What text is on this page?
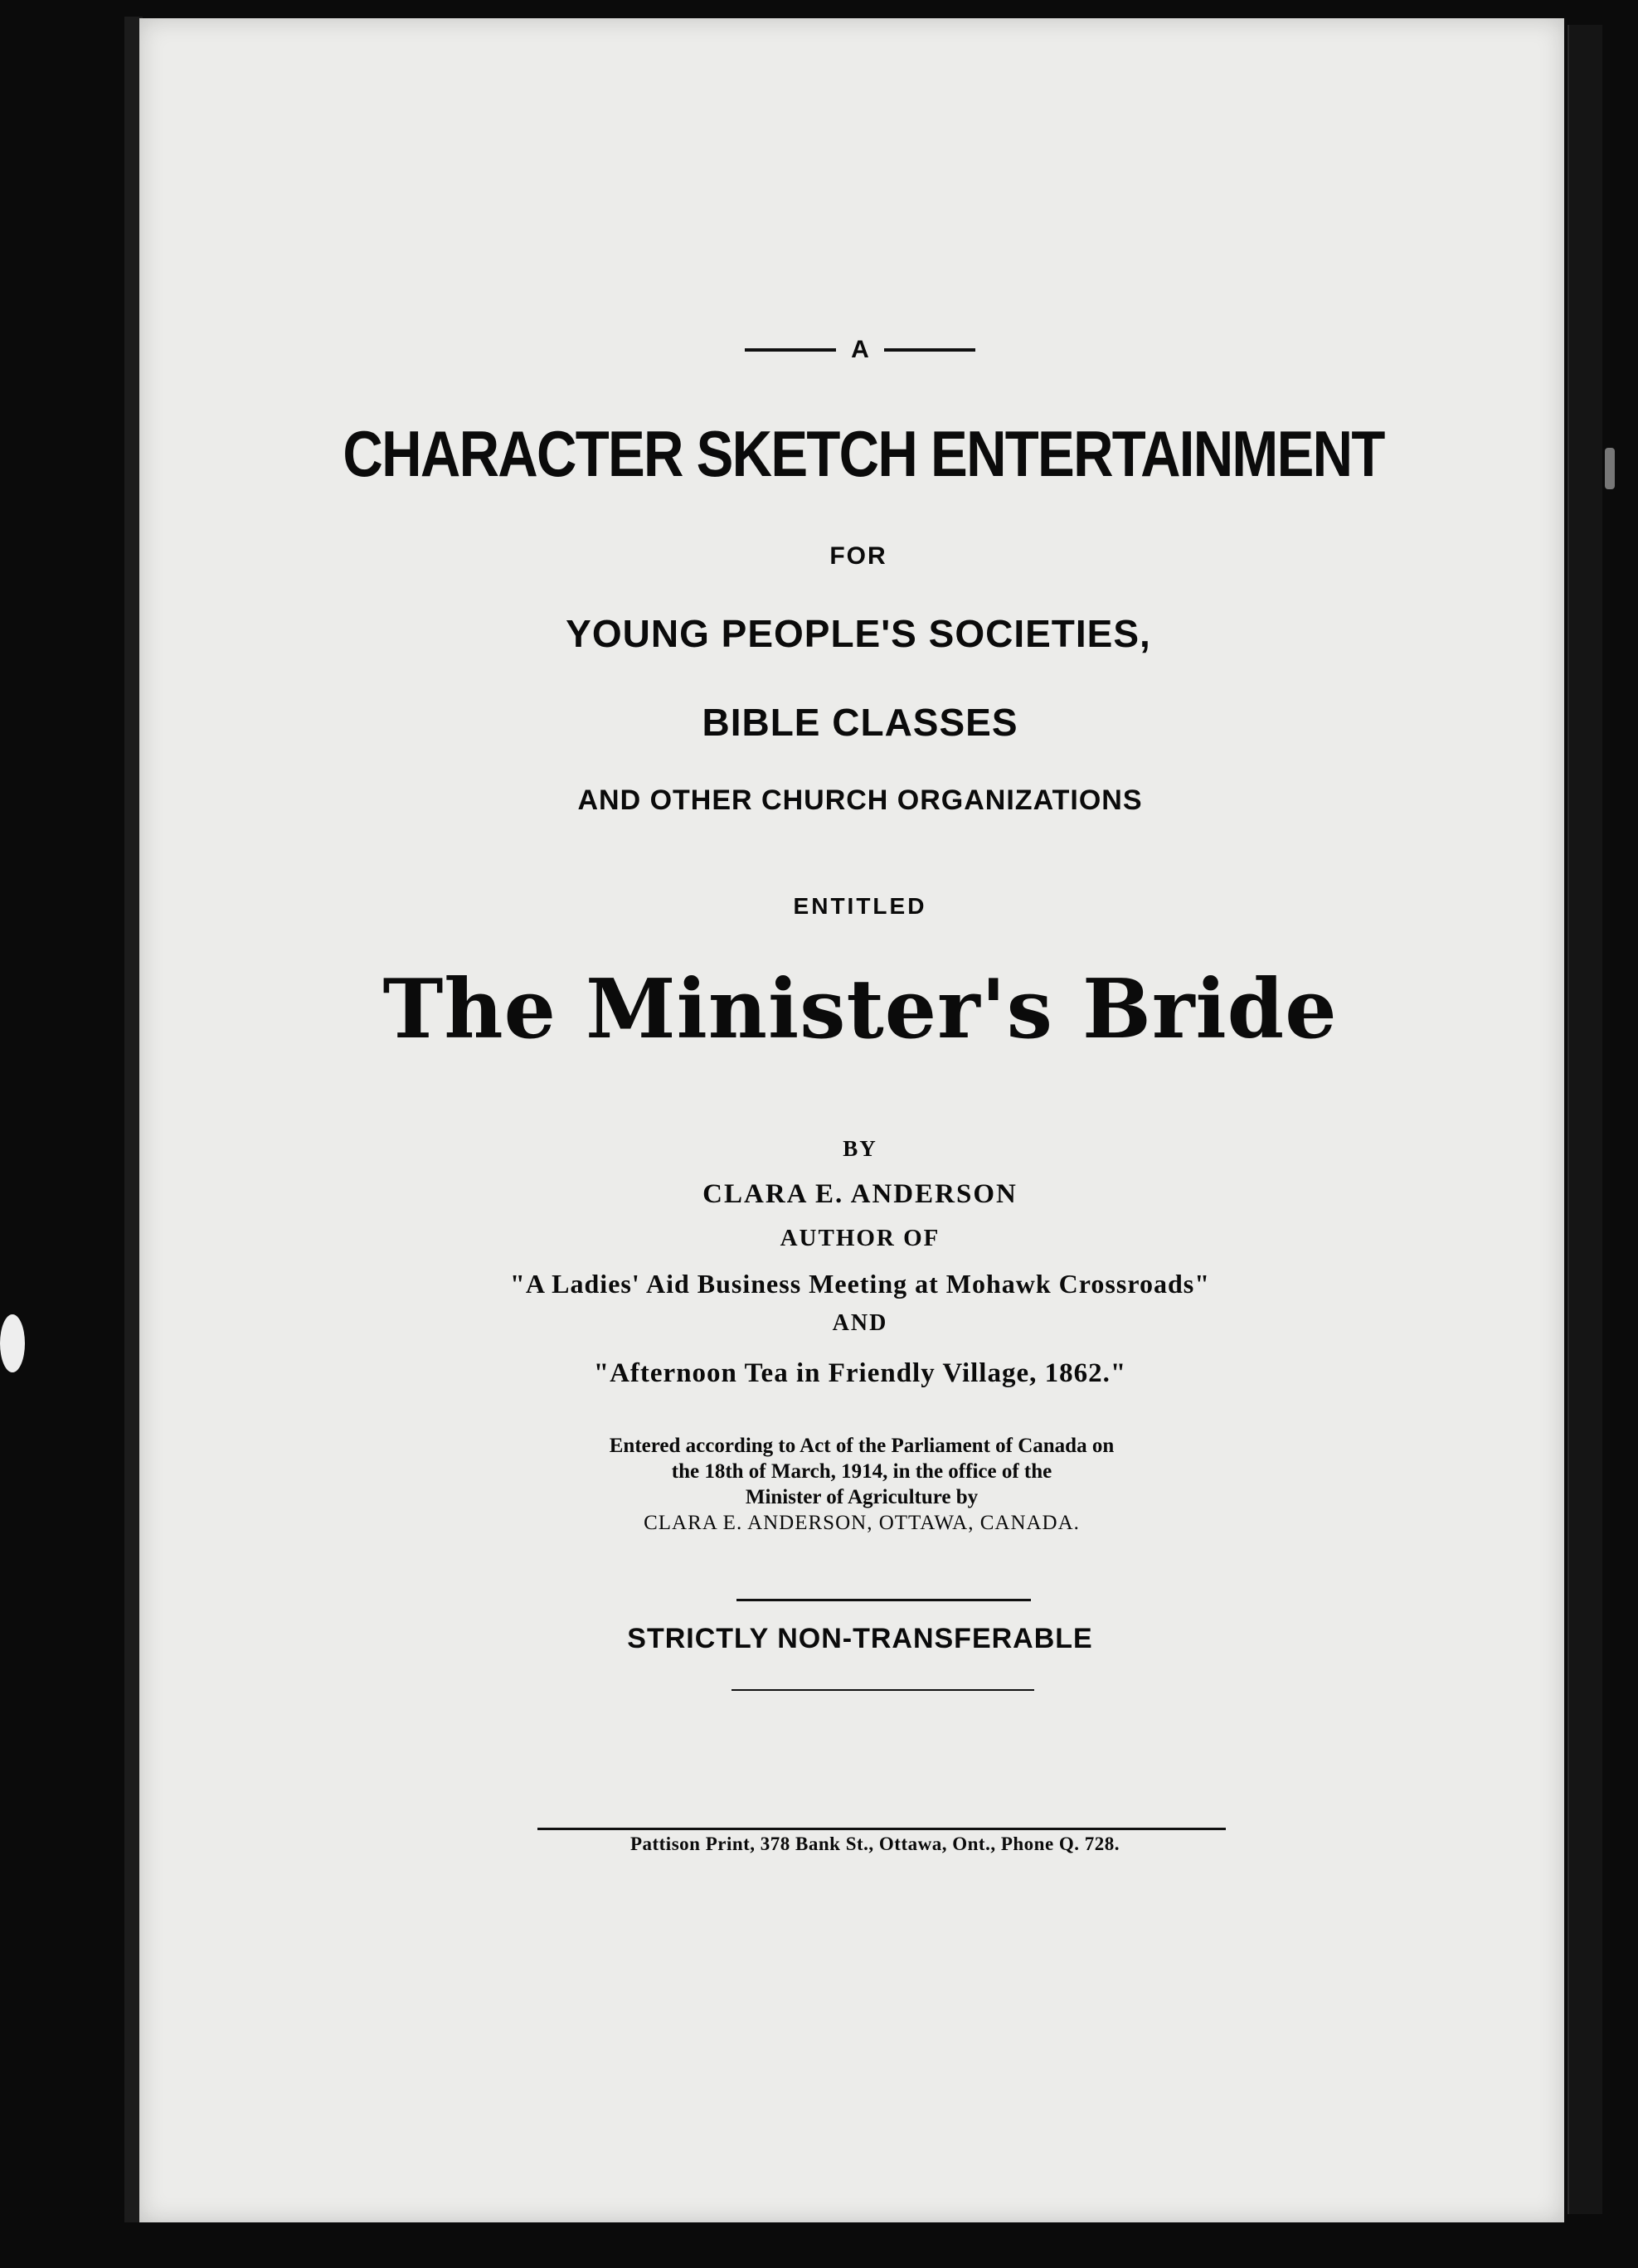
A
CHARACTER SKETCH ENTERTAINMENT
FOR
YOUNG PEOPLE'S SOCIETIES,
BIBLE CLASSES
AND OTHER CHURCH ORGANIZATIONS
ENTITLED
The Minister's Bride
BY
CLARA E. ANDERSON
AUTHOR OF
"A Ladies' Aid Business Meeting at Mohawk Crossroads"
AND
"Afternoon Tea in Friendly Village, 1862."
Entered according to Act of the Parliament of Canada on
the 18th of March, 1914, in the office of the
Minister of Agriculture by
CLARA E. ANDERSON, OTTAWA, CANADA.
STRICTLY NON-TRANSFERABLE
Pattison Print, 378 Bank St., Ottawa, Ont., Phone Q. 728.
